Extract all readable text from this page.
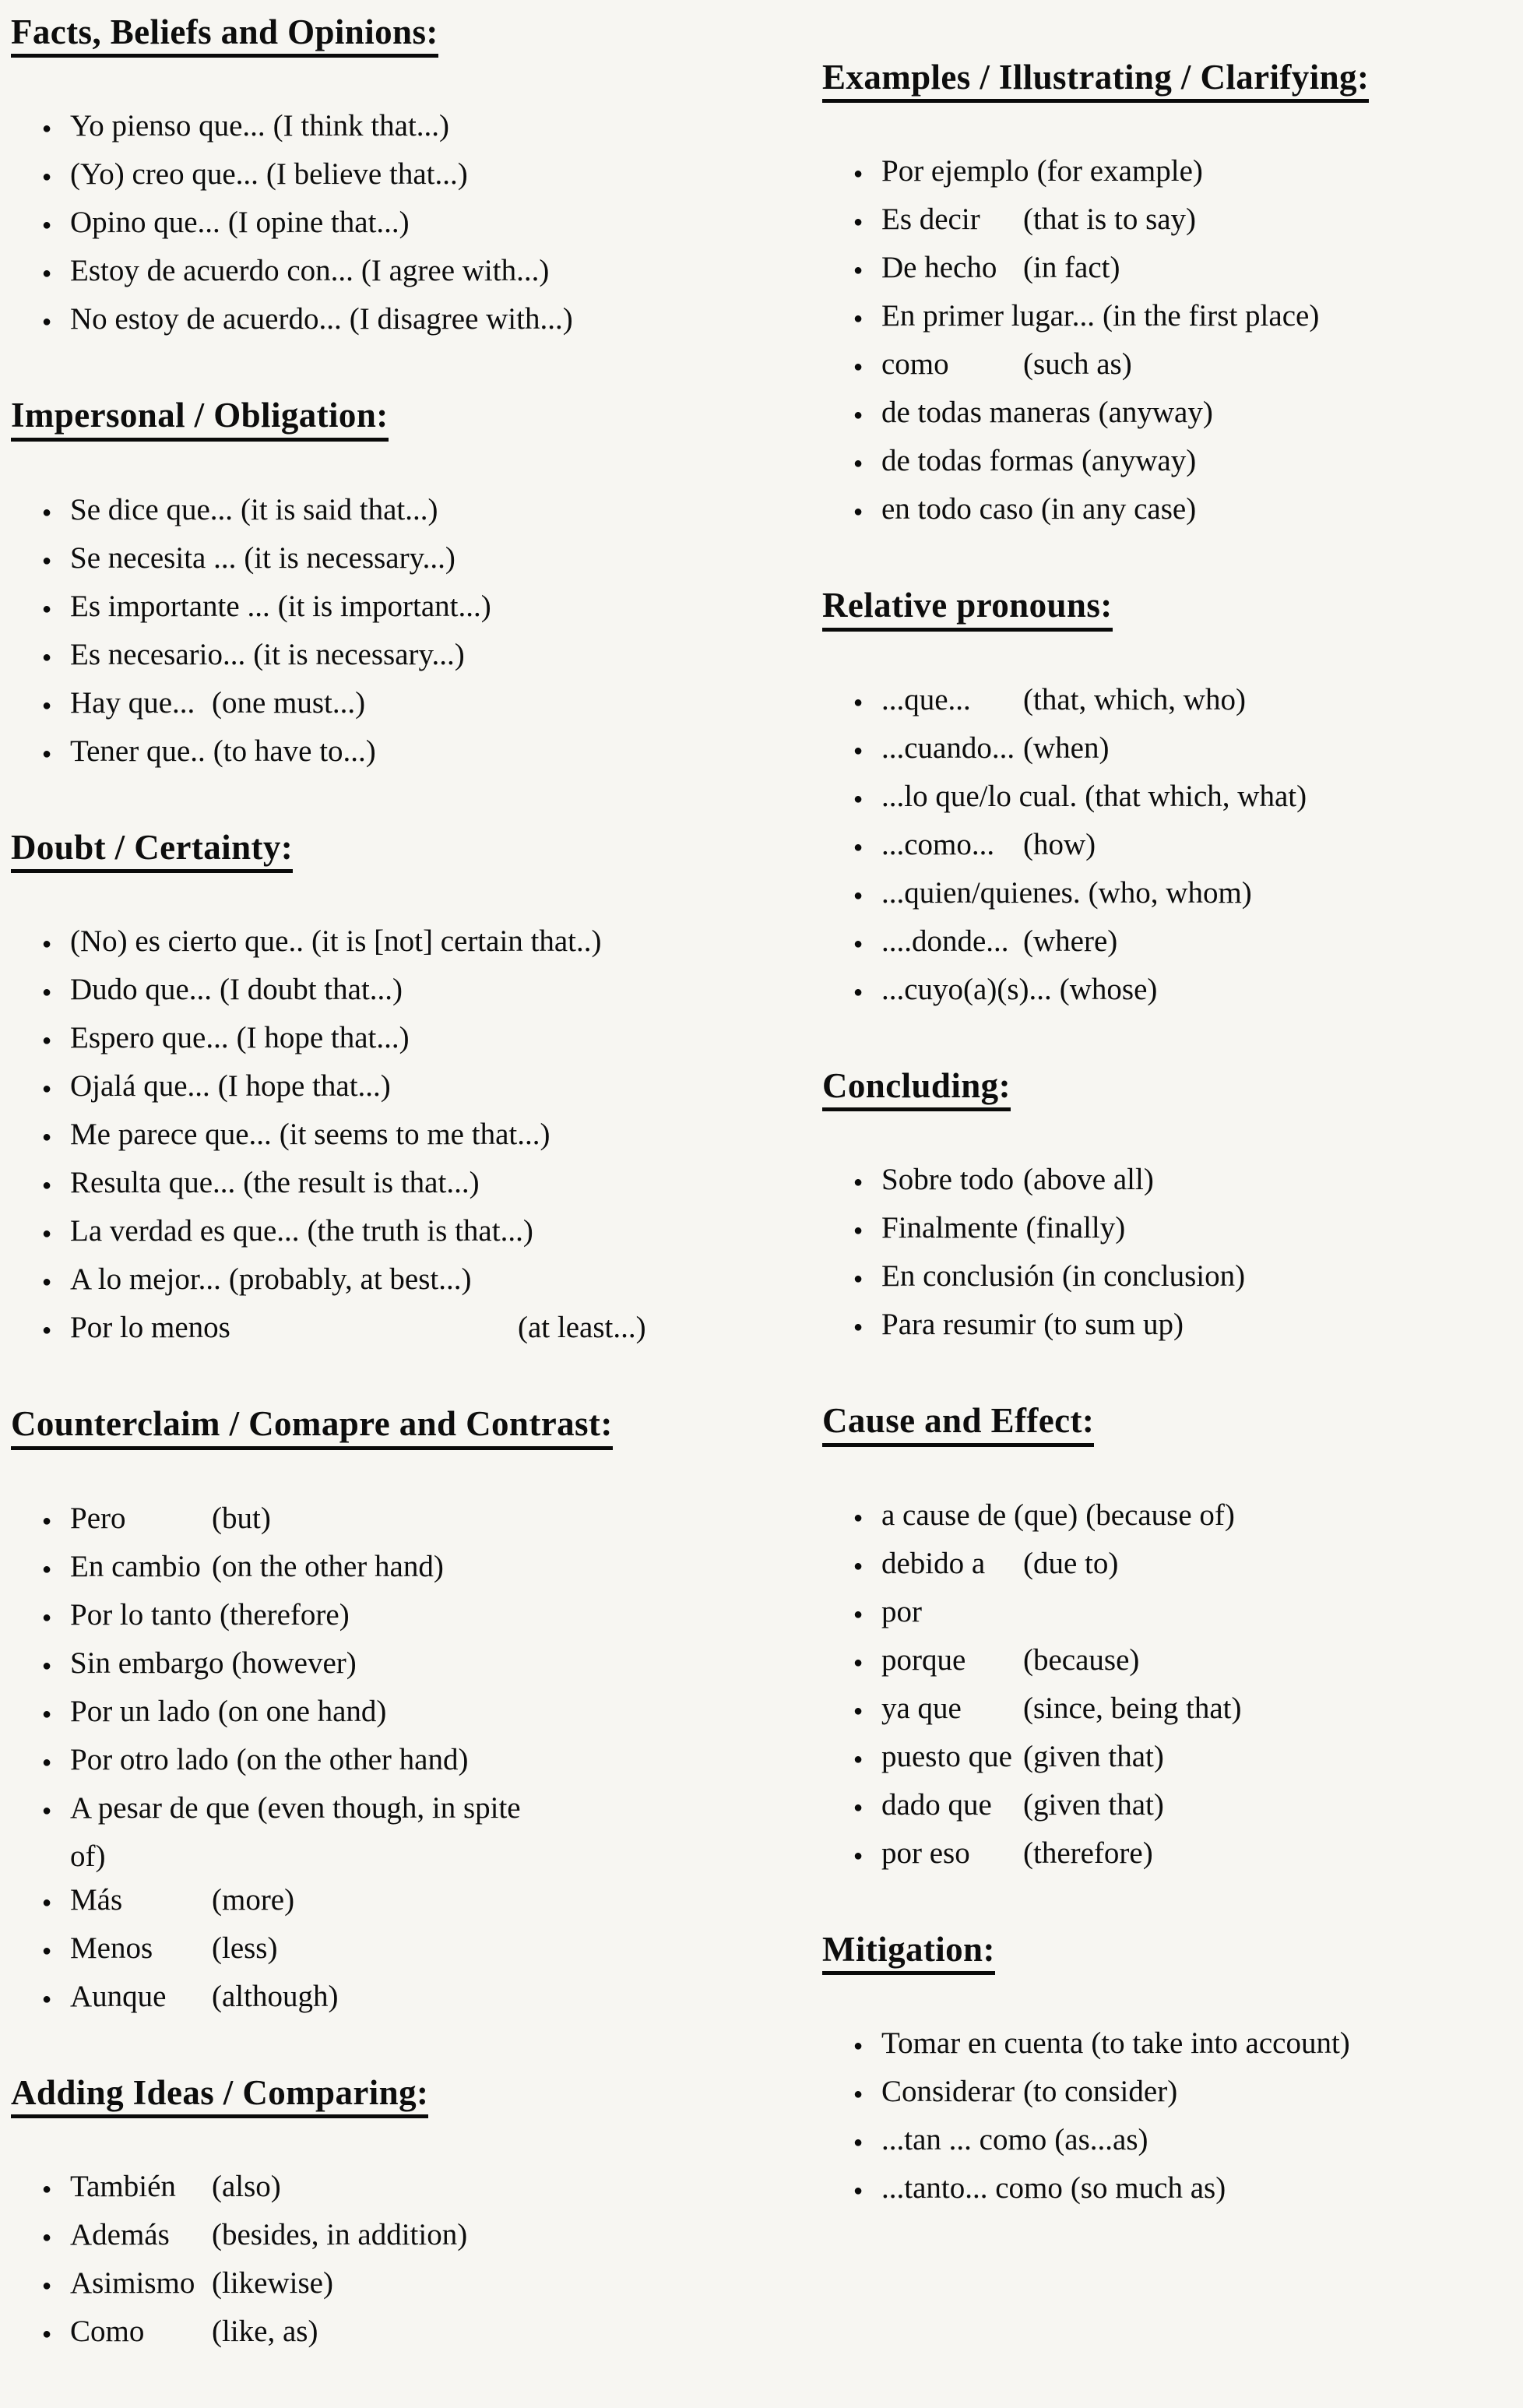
Facts, Beliefs and Opinions:
● Yo pienso que... (I think that...)
● (Yo) creo que... (I believe that...)
● Opino que... (I opine that...)
● Estoy de acuerdo con... (I agree with...)
● No estoy de acuerdo... (I disagree with...)
Impersonal / Obligation:
● Se dice que... (it is said that...)
● Se necesita ... (it is necessary...)
● Es importante ... (it is important...)
● Es necesario... (it is necessary...)
● Hay que... (one must...)
● Tener que.. (to have to...)
Doubt / Certainty:
● (No) es cierto que.. (it is [not] certain that..)
● Dudo que... (I doubt that...)
● Espero que... (I hope that...)
● Ojalá que... (I hope that...)
● Me parece que... (it seems to me that...)
● Resulta que... (the result is that...)
● La verdad es que... (the truth is that...)
● A lo mejor... (probably, at best...)
● Por lo menos	(at least...)
Counterclaim / Comapre and Contrast:
● Pero	(but)
● En cambio (on the other hand)
● Por lo tanto (therefore)
● Sin embargo (however)
● Por un lado (on one hand)
● Por otro lado (on the other hand)
● A pesar de que (even though, in spite
of)
● Más	(more)
● Menos	(less)
● Aunque	(although)
Adding Ideas / Comparing:
● También	(also)
● Además	(besides, in addition)
● Asimismo (likewise)
● Como	(like, as)
Examples / Illustrating / Clarifying:
● Por ejemplo (for example)
● Es decir	(that is to say)
● De hecho (in fact)
● En primer lugar... (in the first place)
● como	(such as)
● de todas maneras (anyway)
● de todas formas (anyway)
● en todo caso (in any case)
Relative pronouns:
● ...que...	(that, which, who)
● ...cuando... (when)
● ...lo que/lo cual. (that which, what)
● ...como... (how)
● ...quien/quienes. (who, whom)
● ....donde... (where)
● ...cuyo(a)(s)... (whose)
Concluding:
● Sobre todo (above all)
● Finalmente (finally)
● En conclusión (in conclusion)
● Para resumir (to sum up)
Cause and Effect:
● a cause de (que) (because of)
● debido a	(due to)
● por
● porque	(because)
● ya que	(since, being that)
● puesto que (given that)
● dado que	(given that)
● por eso	(therefore)
Mitigation:
● Tomar en cuenta (to take into account)
● Considerar (to consider)
● ...tan ... como (as...as)
● ...tanto... como (so much as)
